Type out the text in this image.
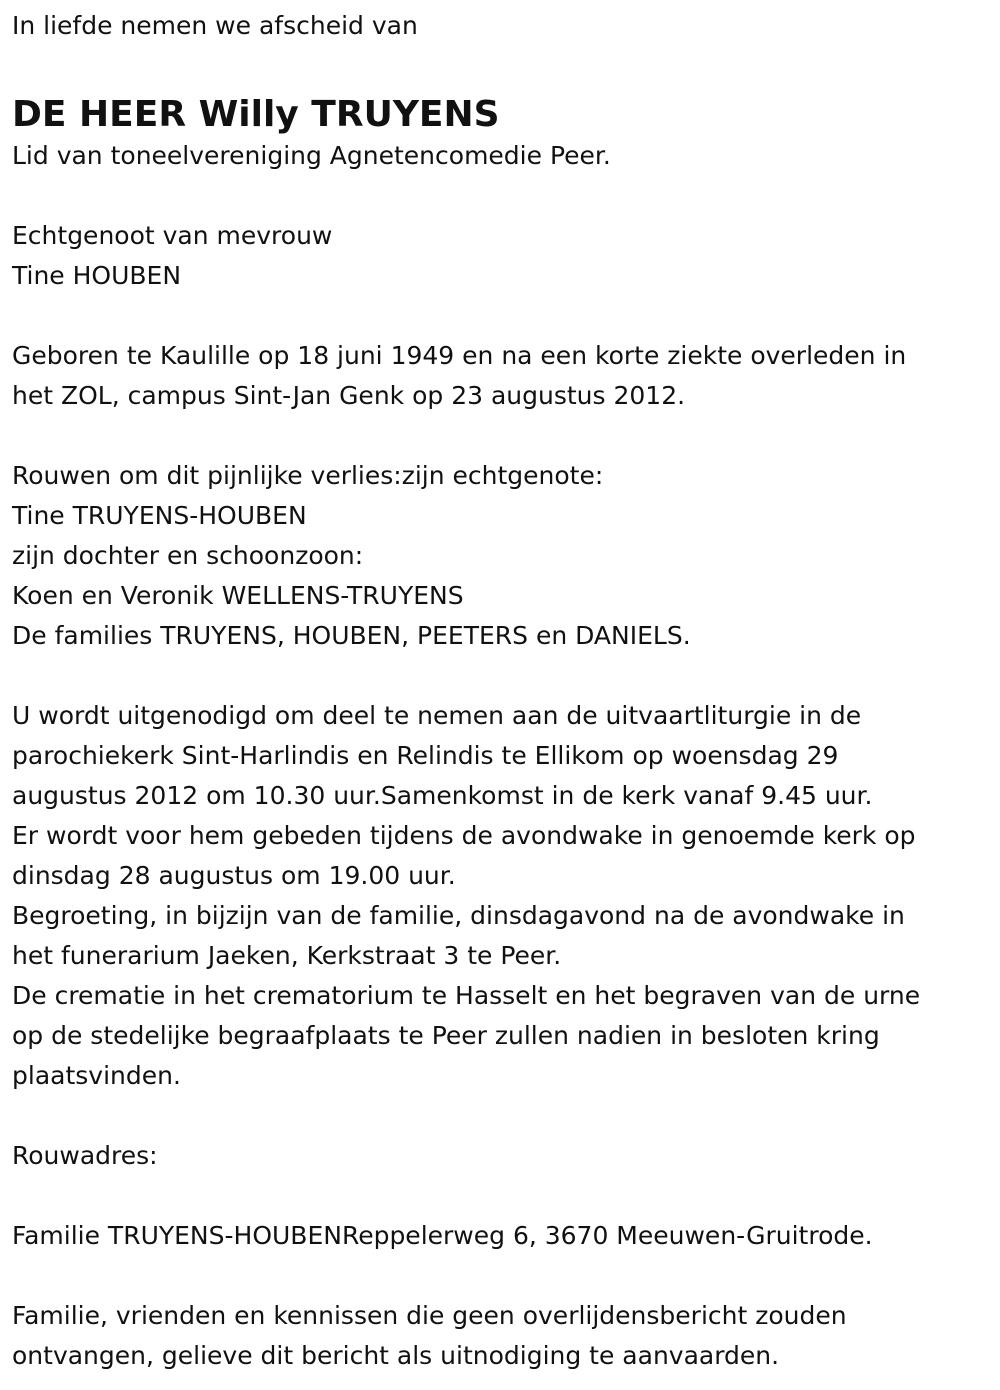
In liefde nemen we afscheid van
DE HEER Willy TRUYENS
Lid van toneelvereniging Agnetencomedie Peer.
Echtgenoot van mevrouw
Tine HOUBEN
Geboren te Kaulille op 18 juni 1949 en na een korte ziekte overleden in
het ZOL, campus Sint-Jan Genk op 23 augustus 2012.
Rouwen om dit pijnlijke verlies:zijn echtgenote:
Tine TRUYENS-HOUBEN
zijn dochter en schoonzoon:
Koen en Veronik WELLENS-TRUYENS
De families TRUYENS, HOUBEN, PEETERS en DANIELS.
U wordt uitgenodigd om deel te nemen aan de uitvaartliturgie in de
parochiekerk Sint-Harlindis en Relindis te Ellikom op woensdag 29
augustus 2012 om 10.30 uur.Samenkomst in de kerk vanaf 9.45 uur.
Er wordt voor hem gebeden tijdens de avondwake in genoemde kerk op
dinsdag 28 augustus om 19.00 uur.
Begroeting, in bijzijn van de familie, dinsdagavond na de avondwake in
het funerarium Jaeken, Kerkstraat 3 te Peer.
De crematie in het crematorium te Hasselt en het begraven van de urne
op de stedelijke begraafplaats te Peer zullen nadien in besloten kring
plaatsvinden.
Rouwadres:
Familie TRUYENS-HOUBENReppelerweg 6, 3670 Meeuwen-Gruitrode.
Familie, vrienden en kennissen die geen overlijdensbericht zouden
ontvangen, gelieve dit bericht als uitnodiging te aanvaarden.
